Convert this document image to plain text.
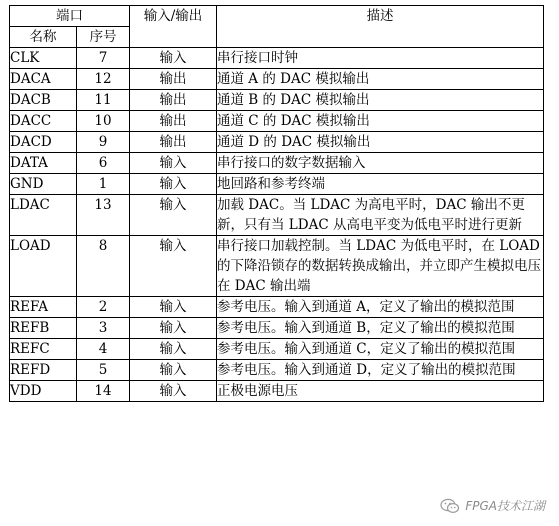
端口		输入/输出	描述
名称	序号		
CLK	7	输入	串行接口时钟
DACA	12	输出	通道 A 的 DAC 模拟输出
DACB	11	输出	通道 B 的 DAC 模拟输出
DACC	10	输出	通道 C 的 DAC 模拟输出
DACD	9	输出	通道 D 的 DAC 模拟输出
DATA	6	输入	串行接口的数字数据输入
GND	1	输入	地回路和参考终端
LDAC	13	输入	加载 DAC。当 LDAC 为高电平时，DAC 输出不更新，只有当 LDAC 从高电平变为低电平时进行更新
LOAD	8	输入	串行接口加载控制。当 LDAC 为低电平时，在 LOAD 的下降沿锁存的数据转换成输出，并立即产生模拟电压在 DAC 输出端
REFA	2	输入	参考电压。输入到通道 A，定义了输出的模拟范围
REFB	3	输入	参考电压。输入到通道 B，定义了输出的模拟范围
REFC	4	输入	参考电压。输入到通道 C，定义了输出的模拟范围
REFD	5	输入	参考电压。输入到通道 D，定义了输出的模拟范围
VDD	14	输入	正极电源电压
FPGA技术江湖
